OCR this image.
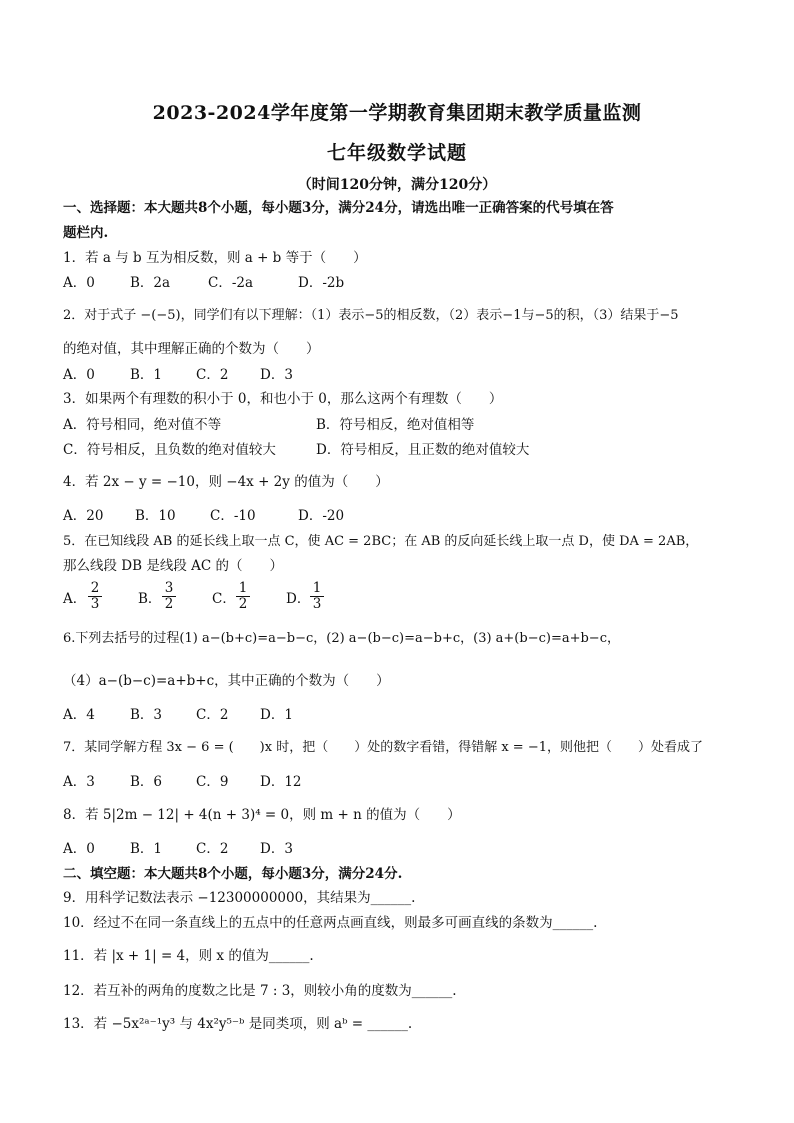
2023-2024学年度第一学期教育集团期末教学质量监测
七年级数学试题
（时间120分钟，满分120分）
一、选择题：本大题共8个小题，每小题3分，满分24分，请选出唯一正确答案的代号填在答
题栏内.
1．若 a 与 b 互为相反数，则 a + b 等于（　　）
A．0	B．2a	C．-2a	D．-2b
2．对于式子 −(−5)，同学们有以下理解：（1）表示−5的相反数，（2）表示−1与−5的积，（3）结果于−5
的绝对值，其中理解正确的个数为（　　）
A．0	B．1	C．2 D．3
3．如果两个有理数的积小于 0，和也小于 0，那么这两个有理数（　　）
A．符号相同，绝对值不等	B．符号相反，绝对值相等
C．符号相反，且负数的绝对值较大	D．符号相反，且正数的绝对值较大
4．若 2x − y = −10，则 −4x + 2y 的值为（　　）
A．20 B．10	C．-10	D．-20
5．在已知线段 AB 的延长线上取一点 C，使 AC = 2BC；在 AB 的反向延长线上取一点 D，使 DA = 2AB，
那么线段 DB 是线段 AC 的（　　）
A． $\frac{2}{3}$	B． $\frac{3}{2}$	C． $\frac{1}{2}$	D． $\frac{1}{3}$
6.下列去括号的过程(1) a−(b+c)=a−b−c，(2) a−(b−c)=a−b+c，(3) a+(b−c)=a+b−c，
（4）a−(b−c)=a+b+c，其中正确的个数为（　　）
A．4	B．3	C．2 D．1
7．某同学解方程 3x − 6 = (　　)x 时，把（　　）处的数字看错，得错解 x = −1，则他把（　　）处看成了
A．3	B．6	C．9 D．12
8．若 5|2m − 12| + 4(n + 3)⁴ = 0，则 m + n 的值为（　　）
A．0	B．1	C．2 D．3
二、填空题：本大题共8个小题，每小题3分，满分24分.
9．用科学记数法表示 −12300000000，其结果为______.
10．经过不在同一条直线上的五点中的任意两点画直线，则最多可画直线的条数为______.
11．若 |x + 1| = 4，则 x 的值为______.
12．若互补的两角的度数之比是 7 : 3，则较小角的度数为______.
13．若 −5x²ᵃ⁻¹y³ 与 4x²y⁵⁻ᵇ 是同类项，则 aᵇ = ______.
